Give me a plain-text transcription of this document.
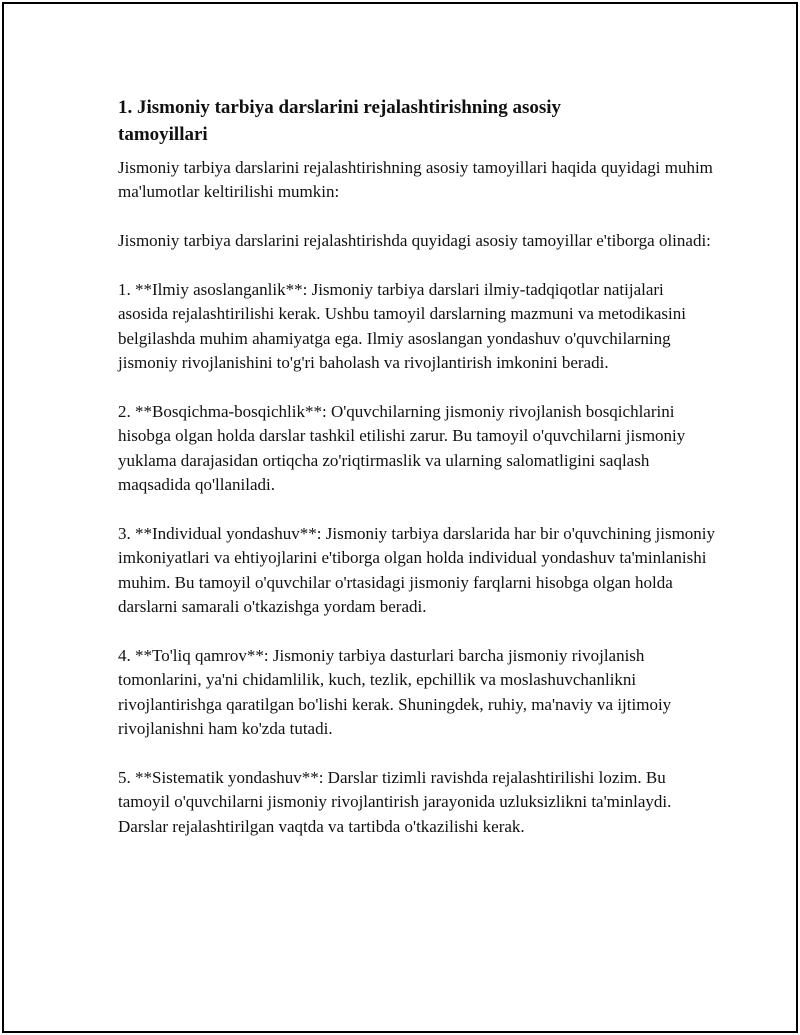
1. Jismoniy tarbiya darslarini rejalashtirishning asosiy tamoyillari

Jismoniy tarbiya darslarini rejalashtirishning asosiy tamoyillari haqida quyidagi muhim ma'lumotlar keltirilishi mumkin:

Jismoniy tarbiya darslarini rejalashtirishda quyidagi asosiy tamoyillar e'tiborga olinadi:

1. **Ilmiy asoslanganlik**: Jismoniy tarbiya darslari ilmiy-tadqiqotlar natijalari asosida rejalashtirilishi kerak. Ushbu tamoyil darslarning mazmuni va metodikasini belgilashda muhim ahamiyatga ega. Ilmiy asoslangan yondashuv o'quvchilarning jismoniy rivojlanishini to'g'ri baholash va rivojlantirish imkonini beradi.

2. **Bosqichma-bosqichlik**: O'quvchilarning jismoniy rivojlanish bosqichlarini hisobga olgan holda darslar tashkil etilishi zarur. Bu tamoyil o'quvchilarni jismoniy yuklama darajasidan ortiqcha zo'riqtirmaslik va ularning salomatligini saqlash maqsadida qo'llaniladi.

3. **Individual yondashuv**: Jismoniy tarbiya darslarida har bir o'quvchining jismoniy imkoniyatlari va ehtiyojlarini e'tiborga olgan holda individual yondashuv ta'minlanishi muhim. Bu tamoyil o'quvchilar o'rtasidagi jismoniy farqlarni hisobga olgan holda darslarni samarali o'tkazishga yordam beradi.

4. **To'liq qamrov**: Jismoniy tarbiya dasturlari barcha jismoniy rivojlanish tomonlarini, ya'ni chidamlilik, kuch, tezlik, epchillik va moslashuvchanlikni rivojlantirishga qaratilgan bo'lishi kerak. Shuningdek, ruhiy, ma'naviy va ijtimoiy rivojlanishni ham ko'zda tutadi.

5. **Sistematik yondashuv**: Darslar tizimli ravishda rejalashtirilishi lozim. Bu tamoyil o'quvchilarni jismoniy rivojlantirish jarayonida uzluksizlikni ta'minlaydi. Darslar rejalashtirilgan vaqtda va tartibda o'tkazilishi kerak.
